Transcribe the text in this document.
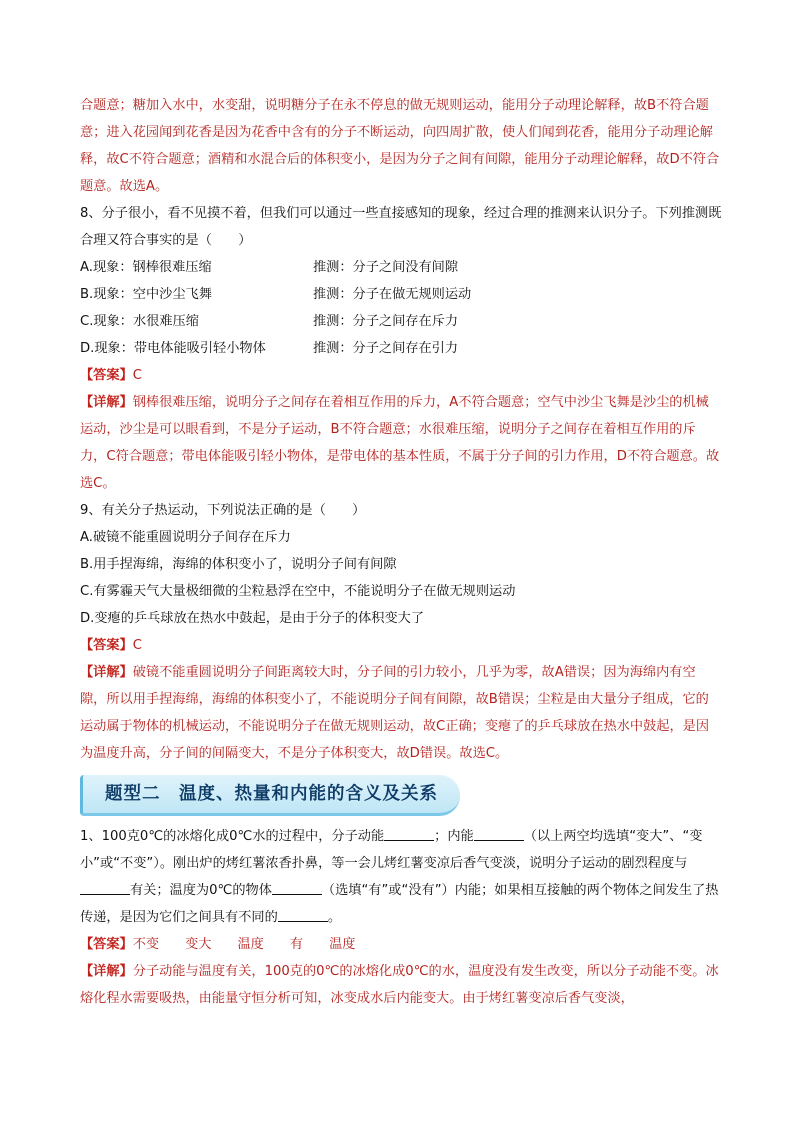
合题意；糖加入水中，水变甜，说明糖分子在永不停息的做无规则运动，能用分子动理论解释，故B不符合题意；进入花园闻到花香是因为花香中含有的分子不断运动，向四周扩散，使人们闻到花香，能用分子动理论解释，故C不符合题意；酒精和水混合后的体积变小，是因为分子之间有间隙，能用分子动理论解释，故D不符合题意。故选A。

8、分子很小，看不见摸不着，但我们可以通过一些直接感知的现象，经过合理的推测来认识分子。下列推测既合理又符合事实的是（　　）

A.现象：钢棒很难压缩	推测：分子之间没有间隙
B.现象：空中沙尘飞舞	推测：分子在做无规则运动
C.现象：水很难压缩	推测：分子之间存在斥力
D.现象：带电体能吸引轻小物体	推测：分子之间存在引力

【答案】C

【详解】钢棒很难压缩，说明分子之间存在着相互作用的斥力，A不符合题意；空气中沙尘飞舞是沙尘的机械运动，沙尘是可以眼看到，不是分子运动，B不符合题意；水很难压缩，说明分子之间存在着相互作用的斥力，C符合题意；带电体能吸引轻小物体，是带电体的基本性质，不属于分子间的引力作用，D不符合题意。故选C。

9、有关分子热运动，下列说法正确的是（　　）

A.破镜不能重圆说明分子间存在斥力

B.用手捏海绵，海绵的体积变小了，说明分子间有间隙

C.有雾霾天气大量极细微的尘粒悬浮在空中，不能说明分子在做无规则运动

D.变瘪的乒乓球放在热水中鼓起，是由于分子的体积变大了

【答案】C

【详解】破镜不能重圆说明分子间距离较大时，分子间的引力较小，几乎为零，故A错误；因为海绵内有空隙，所以用手捏海绵，海绵的体积变小了，不能说明分子间有间隙，故B错误；尘粒是由大量分子组成，它的运动属于物体的机械运动，不能说明分子在做无规则运动，故C正确；变瘪了的乒乓球放在热水中鼓起，是因为温度升高，分子间的间隔变大，不是分子体积变大，故D错误。故选C。

题型二　温度、热量和内能的含义及关系

1、100克0℃的冰熔化成0℃水的过程中，分子动能	；内能	（以上两空均选填“变大”、“变小”或“不变”）。刚出炉的烤红薯浓香扑鼻，等一会儿烤红薯变凉后香气变淡，说明分子运动的剧烈程度与有关；温度为0℃的物体	（选填“有”或“没有”）内能；如果相互接触的两个物体之间发生了热传递，是因为它们之间具有不同的	。

【答案】不变 变大 温度 有 温度

【详解】分子动能与温度有关，100克的0℃的冰熔化成0℃的水，温度没有发生改变，所以分子动能不变。冰熔化程水需要吸热，由能量守恒分析可知，冰变成水后内能变大。由于烤红薯变凉后香气变淡，
